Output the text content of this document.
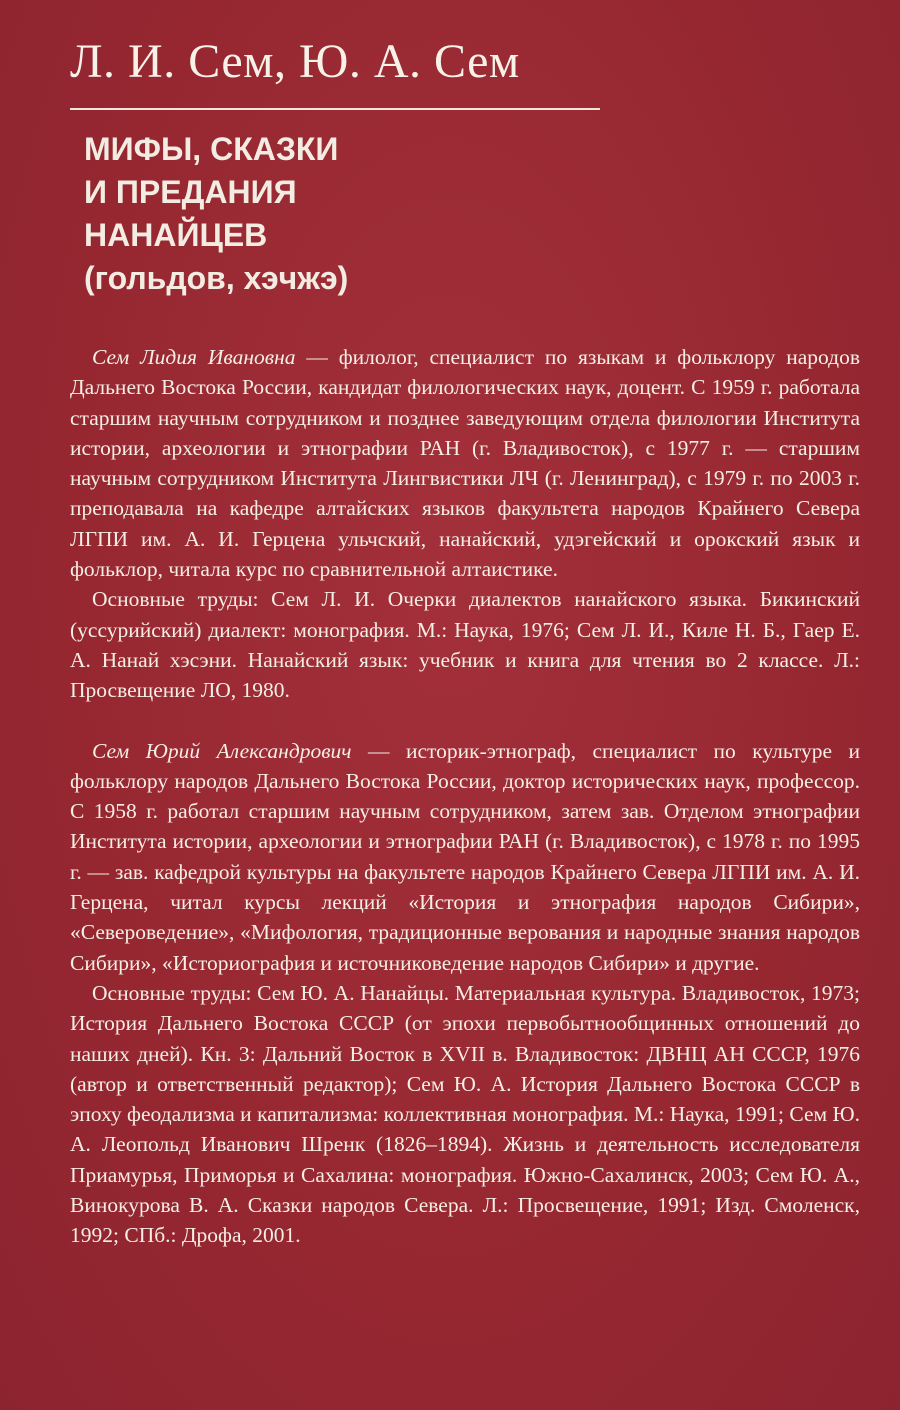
Л. И. Сем, Ю. А. Сем
МИФЫ, СКАЗКИ
И ПРЕДАНИЯ
НАНАЙЦЕВ
(гольдов, хэчжэ)

Сем Лидия Ивановна — филолог, специалист по языкам и фольклору народов Дальнего Востока России, кандидат филологических наук, доцент. С 1959 г. работала старшим научным сотрудником и позднее заведующим отдела филологии Института истории, археологии и этнографии РАН (г. Владивосток), с 1977 г. — старшим научным сотрудником Института Лингвистики ЛЧ (г. Ленинград), с 1979 г. по 2003 г. преподавала на кафедре алтайских языков факультета народов Крайнего Севера ЛГПИ им. А. И. Герцена ульчский, нанайский, удэгейский и орокский язык и фольклор, читала курс по сравнительной алтаистике.

Основные труды: Сем Л. И. Очерки диалектов нанайского языка. Бикинский (уссурийский) диалект: монография. М.: Наука, 1976; Сем Л. И., Киле Н. Б., Гаер Е. А. Нанай хэсэни. Нанайский язык: учебник и книга для чтения во 2 классе. Л.: Просвещение ЛО, 1980.

Сем Юрий Александрович — историк-этнограф, специалист по культуре и фольклору народов Дальнего Востока России, доктор исторических наук, профессор. С 1958 г. работал старшим научным сотрудником, затем зав. Отделом этнографии Института истории, археологии и этнографии РАН (г. Владивосток), с 1978 г. по 1995 г. — зав. кафедрой культуры на факультете народов Крайнего Севера ЛГПИ им. А. И. Герцена, читал курсы лекций «История и этнография народов Сибири», «Североведение», «Мифология, традиционные верования и народные знания народов Сибири», «Историография и источниковедение народов Сибири» и другие.

Основные труды: Сем Ю. А. Нанайцы. Материальная культура. Владивосток, 1973; История Дальнего Востока СССР (от эпохи первобытнообщинных отношений до наших дней). Кн. 3: Дальний Восток в XVII в. Владивосток: ДВНЦ АН СССР, 1976 (автор и ответственный редактор); Сем Ю. А. История Дальнего Востока СССР в эпоху феодализма и капитализма: коллективная монография. М.: Наука, 1991; Сем Ю. А. Леопольд Иванович Шренк (1826–1894). Жизнь и деятельность исследователя Приамурья, Приморья и Сахалина: монография. Южно-Сахалинск, 2003; Сем Ю. А., Винокурова В. А. Сказки народов Севера. Л.: Просвещение, 1991; Изд. Смоленск, 1992; СПб.: Дрофа, 2001.
